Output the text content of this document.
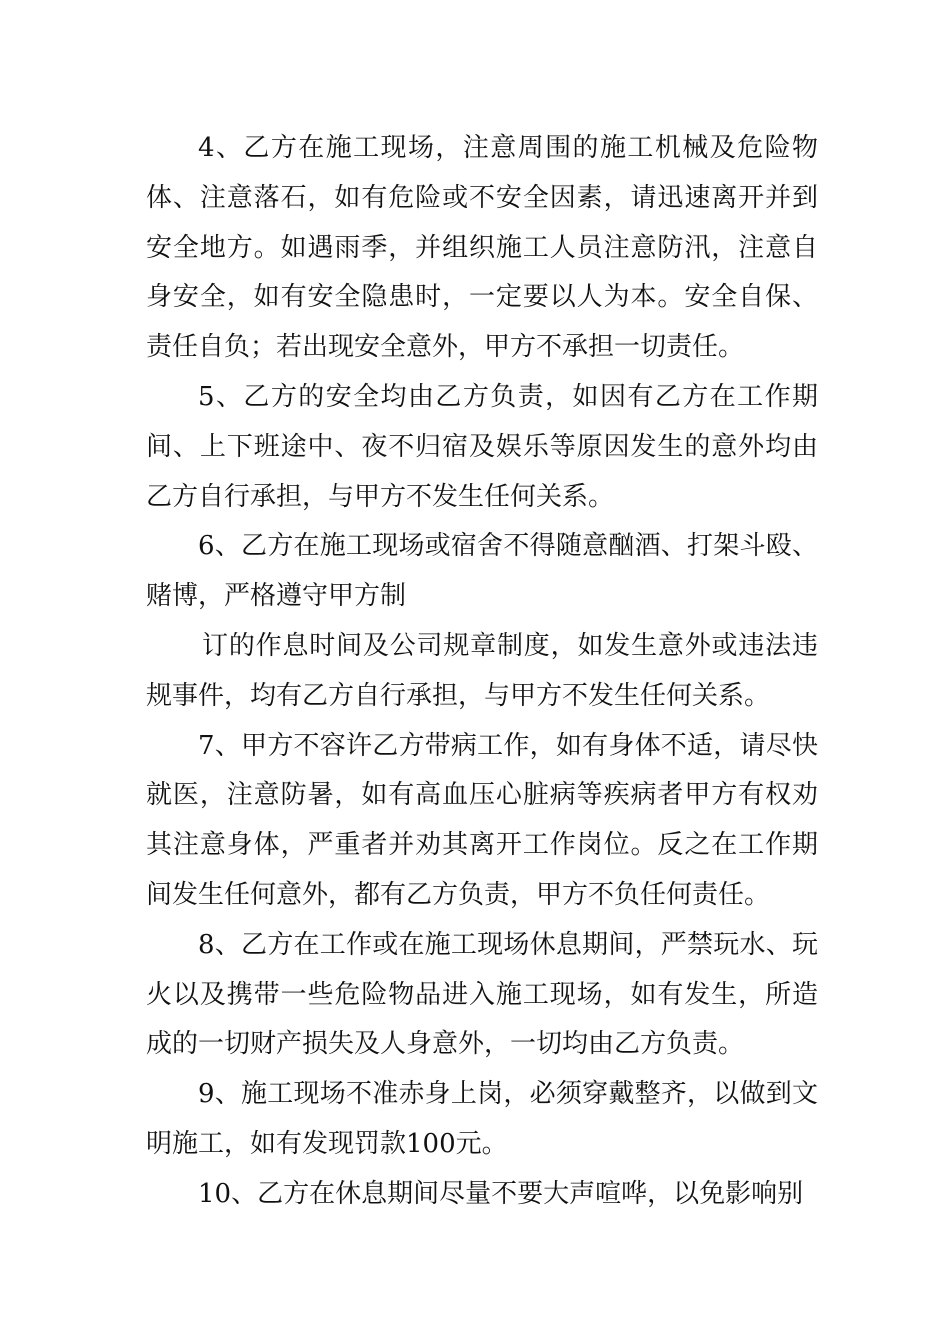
4、乙方在施工现场，注意周围的施工机械及危险物体、注意落石，如有危险或不安全因素，请迅速离开并到安全地方。如遇雨季，并组织施工人员注意防汛，注意自身安全，如有安全隐患时，一定要以人为本。安全自保、责任自负；若出现安全意外，甲方不承担一切责任。

5、乙方的安全均由乙方负责，如因有乙方在工作期间、上下班途中、夜不归宿及娱乐等原因发生的意外均由乙方自行承担，与甲方不发生任何关系。

6、乙方在施工现场或宿舍不得随意酗酒、打架斗殴、赌博，严格遵守甲方制

订的作息时间及公司规章制度，如发生意外或违法违规事件，均有乙方自行承担，与甲方不发生任何关系。

7、甲方不容许乙方带病工作，如有身体不适，请尽快就医，注意防暑，如有高血压心脏病等疾病者甲方有权劝其注意身体，严重者并劝其离开工作岗位。反之在工作期间发生任何意外，都有乙方负责，甲方不负任何责任。

8、乙方在工作或在施工现场休息期间，严禁玩水、玩火以及携带一些危险物品进入施工现场，如有发生，所造成的一切财产损失及人身意外，一切均由乙方负责。

9、施工现场不准赤身上岗，必须穿戴整齐，以做到文明施工，如有发现罚款100元。

10、乙方在休息期间尽量不要大声喧哗，以免影响别
